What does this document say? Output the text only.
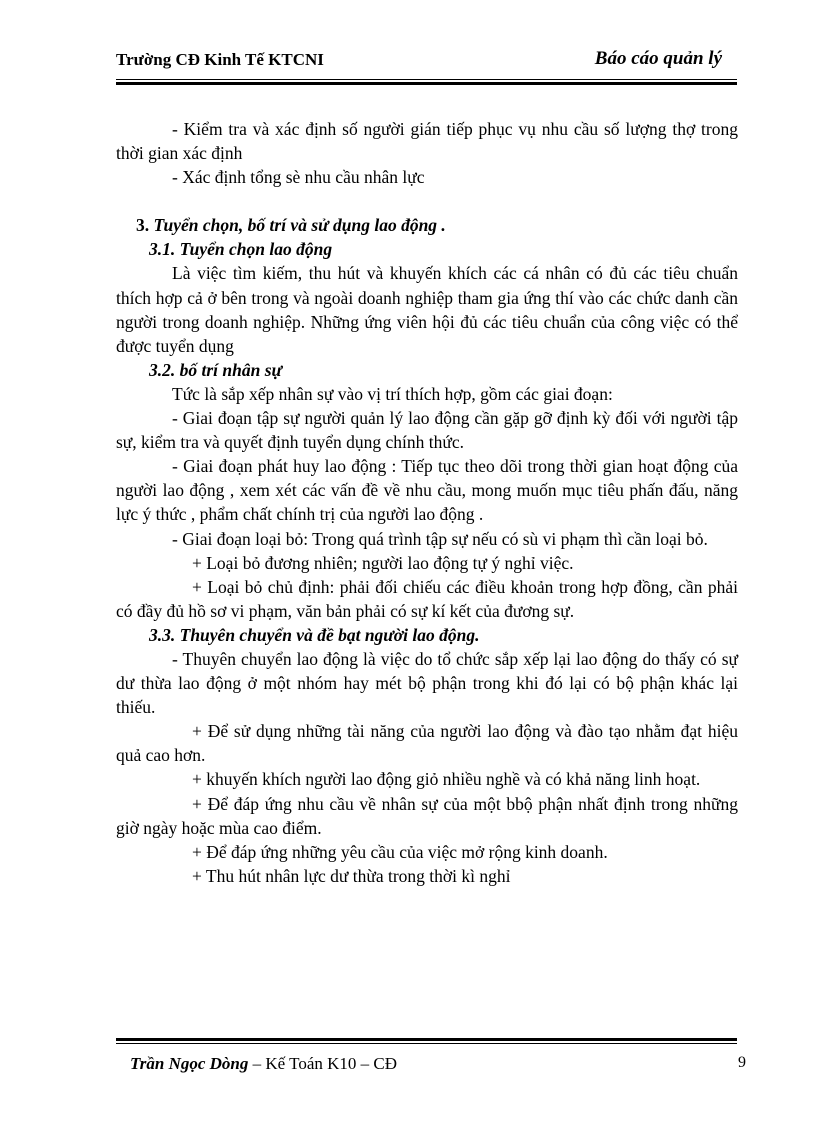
Trường CĐ Kinh Tế KTCNI	Báo cáo quản lý

- Kiểm tra và xác định số người gián tiếp phục vụ nhu cầu số lượng thợ trong thời gian xác định

- Xác định tổng sè nhu cầu nhân lực

3. Tuyển chọn, bố trí và sử dụng lao động .

3.1. Tuyển chọn lao động

Là việc tìm kiếm, thu hút và khuyến khích các cá nhân có đủ các tiêu chuẩn thích hợp cả ở bên trong và ngoài doanh nghiệp tham gia ứng thí vào các chức danh cần người trong doanh nghiệp. Những ứng viên hội đủ các tiêu chuẩn của công việc có thể được tuyển dụng

3.2. bố trí nhân sự

Tức là sắp xếp nhân sự vào vị trí thích hợp, gồm các giai đoạn:

- Giai đoạn tập sự người quản lý lao động cần gặp gỡ định kỳ đối với người tập sự, kiểm tra và quyết định tuyển dụng chính thức.

- Giai đoạn phát huy lao động : Tiếp tục theo dõi trong thời gian hoạt động của người lao động , xem xét các vấn đề về nhu cầu, mong muốn mục tiêu phấn đấu, năng lực ý thức , phẩm chất chính trị của người lao động .

- Giai đoạn loại bỏ: Trong quá trình tập sự nếu có sù vi phạm thì cần loại bỏ.

+ Loại bỏ đương nhiên; người lao động tự ý nghỉ việc.

+ Loại bỏ chủ định: phải đối chiếu các điều khoản trong hợp đồng, cần phải có đầy đủ hồ sơ vi phạm, văn bản phải có sự kí kết của đương sự.

3.3. Thuyên chuyển và đề bạt người lao động.

- Thuyên chuyển lao động là việc do tổ chức sắp xếp lại lao động do thấy có sự dư thừa lao động ở một nhóm hay mét bộ phận trong khi đó lại có bộ phận khác lại thiếu.

+ Để sử dụng những tài năng của người lao động và đào tạo nhằm đạt hiệu quả cao hơn.

+ khuyến khích người lao động giỏ nhiều nghề và có khả năng linh hoạt.

+ Để đáp ứng nhu cầu về nhân sự của một bbộ phận nhất định trong những giờ ngày hoặc mùa cao điểm.

+ Để đáp ứng những yêu cầu của việc mở rộng kinh doanh.

+ Thu hút nhân lực dư thừa trong thời kì nghỉ

Trần Ngọc Dòng – Kế Toán K10 – CĐ	9
